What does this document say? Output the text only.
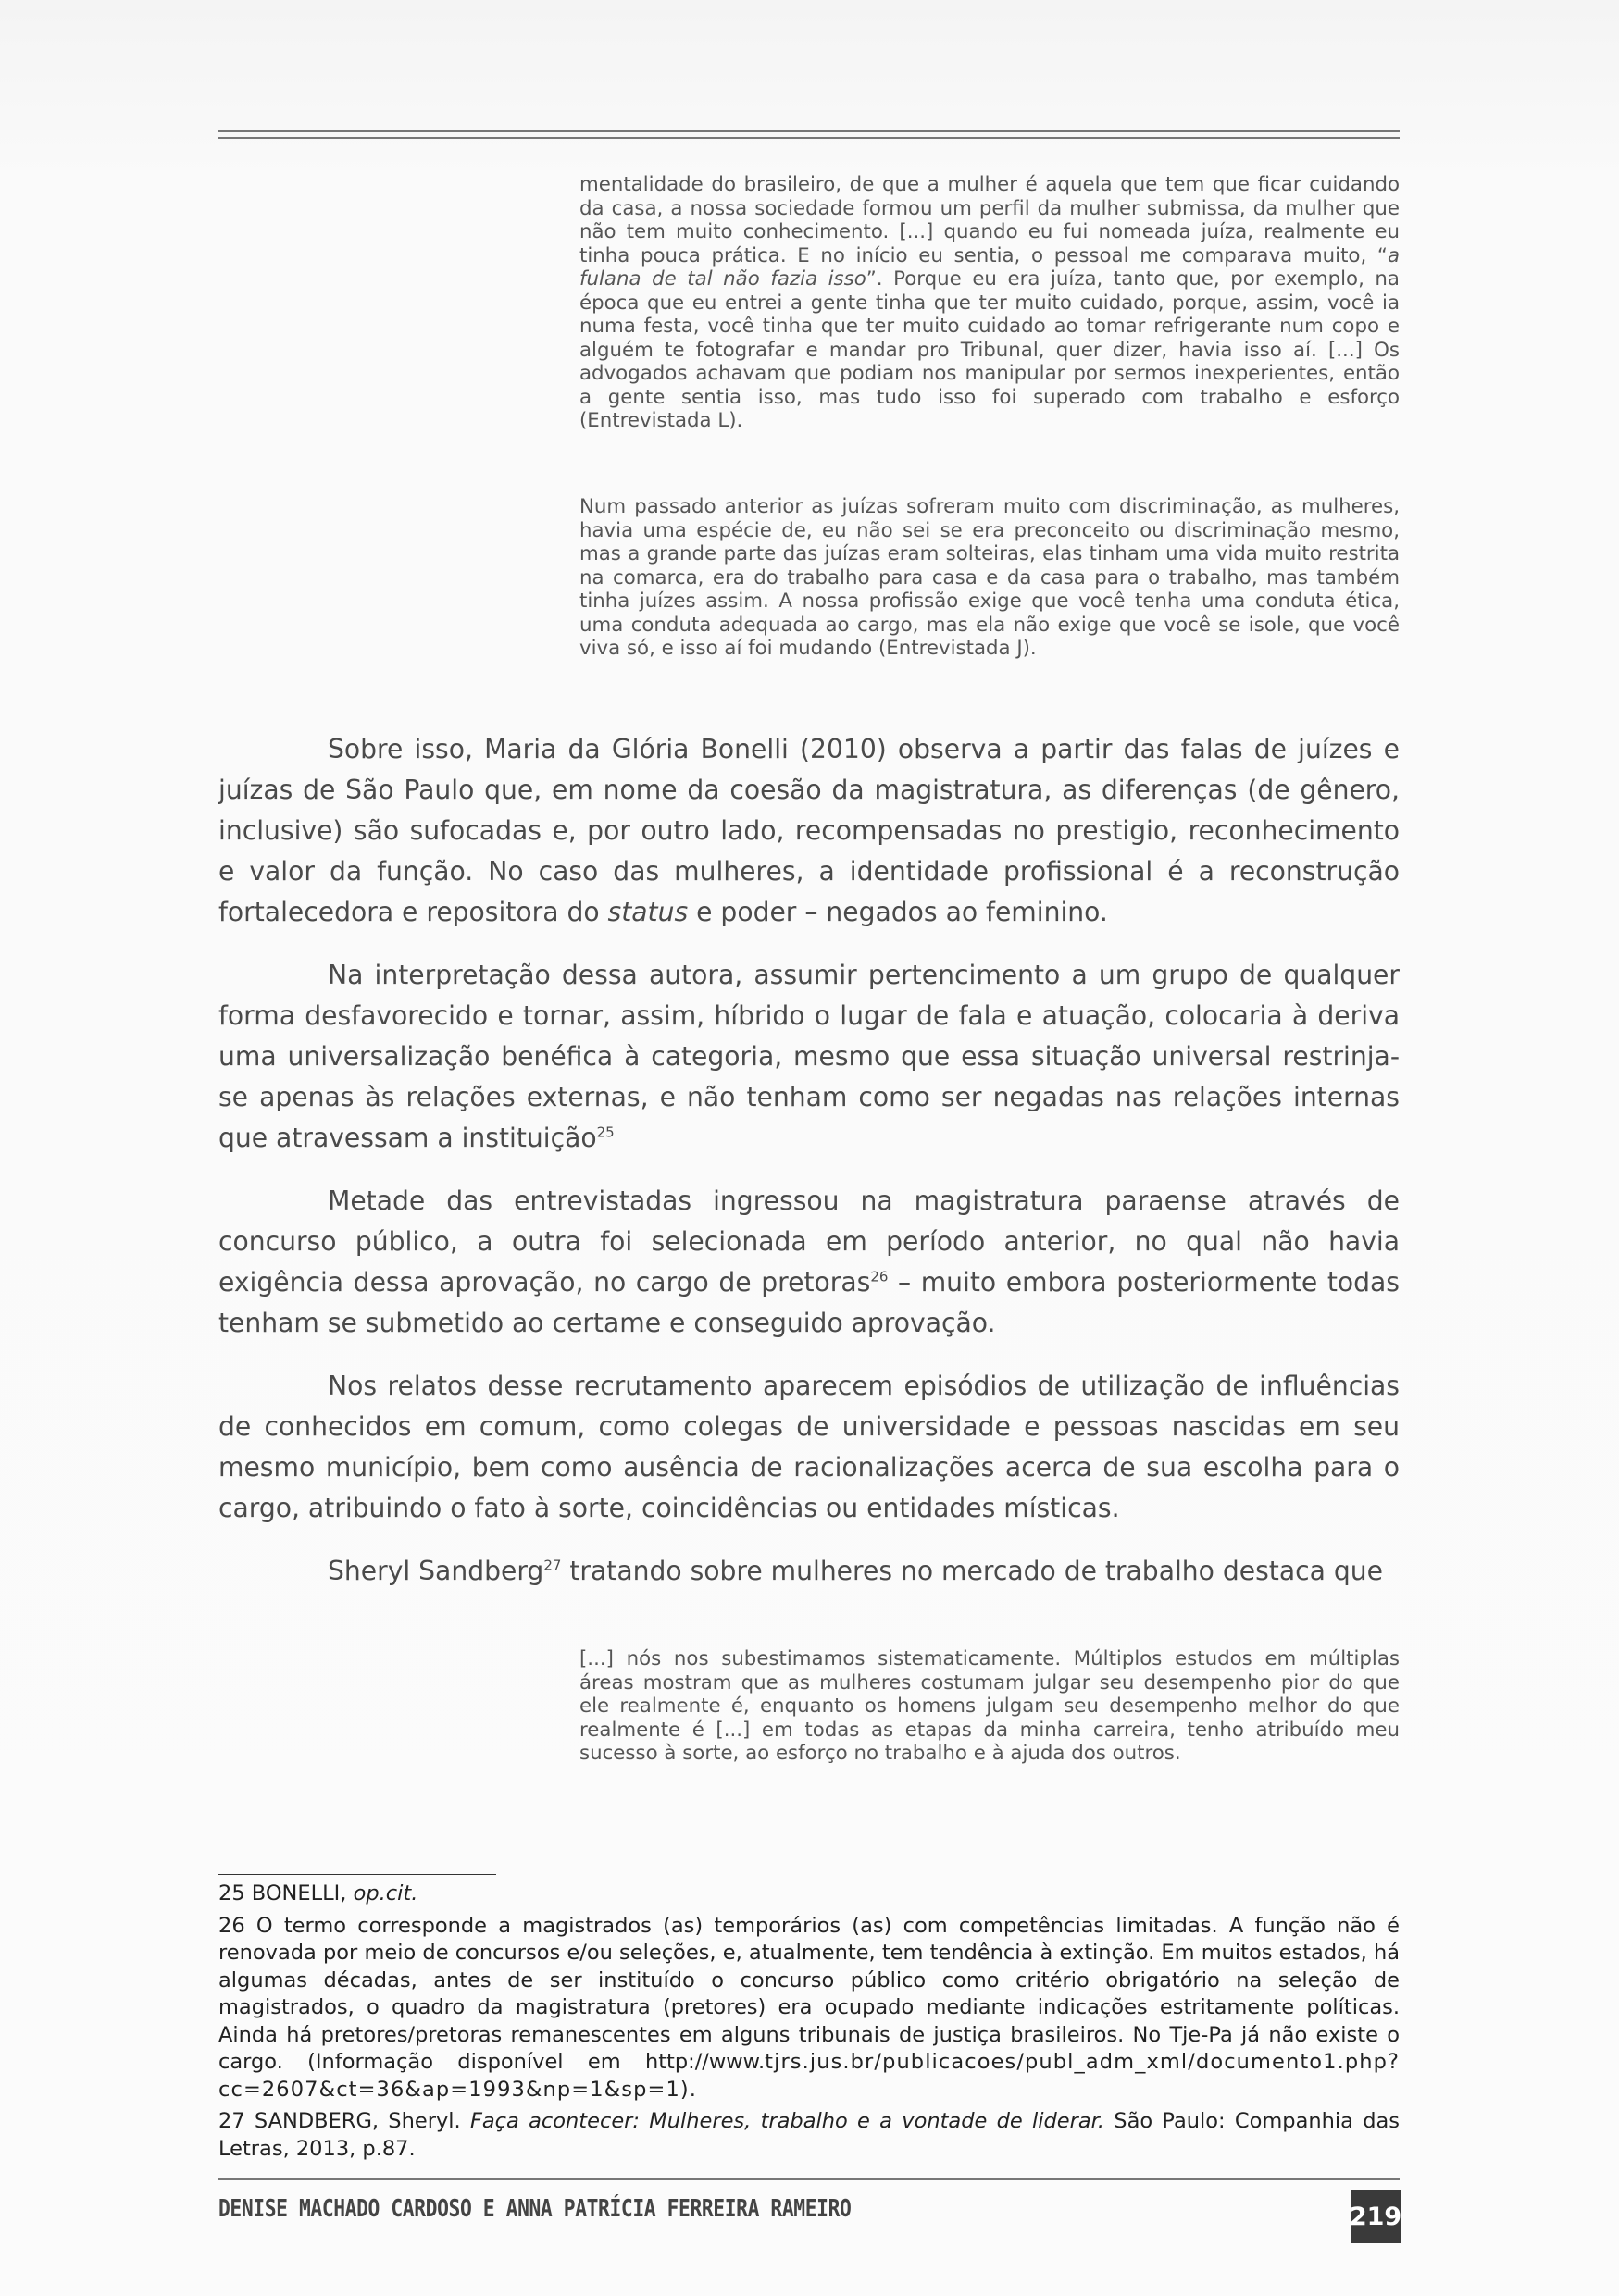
mentalidade do brasileiro, de que a mulher é aquela que tem que ficar cuidando da casa, a nossa sociedade formou um perfil da mulher submissa, da mulher que não tem muito conhecimento. [...] quando eu fui nomeada juíza, realmente eu tinha pouca prática. E no início eu sentia, o pessoal me comparava muito, “a fulana de tal não fazia isso”. Porque eu era juíza, tanto que, por exemplo, na época que eu entrei a gente tinha que ter muito cuidado, porque, assim, você ia numa festa, você tinha que ter muito cuidado ao tomar refrigerante num copo e alguém te fotografar e mandar pro Tribunal, quer dizer, havia isso aí. [...] Os advogados achavam que podiam nos manipular por sermos inexperientes, então a gente sentia isso, mas tudo isso foi superado com trabalho e esforço (Entrevistada L).

Num passado anterior as juízas sofreram muito com discriminação, as mulheres, havia uma espécie de, eu não sei se era preconceito ou discriminação mesmo, mas a grande parte das juízas eram solteiras, elas tinham uma vida muito restrita na comarca, era do trabalho para casa e da casa para o trabalho, mas também tinha juízes assim. A nossa profissão exige que você tenha uma conduta ética, uma conduta adequada ao cargo, mas ela não exige que você se isole, que você viva só, e isso aí foi mudando (Entrevistada J).

Sobre isso, Maria da Glória Bonelli (2010) observa a partir das falas de juízes e juízas de São Paulo que, em nome da coesão da magistratura, as diferenças (de gênero, inclusive) são sufocadas e, por outro lado, recompensadas no prestigio, reconhecimento e valor da função. No caso das mulheres, a identidade profissional é a reconstrução fortalecedora e repositora do status e poder – negados ao feminino.

Na interpretação dessa autora, assumir pertencimento a um grupo de qualquer forma desfavorecido e tornar, assim, híbrido o lugar de fala e atuação, colocaria à deriva uma universalização benéfica à categoria, mesmo que essa situação universal restrinja-se apenas às relações externas, e não tenham como ser negadas nas relações internas que atravessam a instituição$^{25}$

Metade das entrevistadas ingressou na magistratura paraense através de concurso público, a outra foi selecionada em período anterior, no qual não havia exigência dessa aprovação, no cargo de pretoras$^{26}$ – muito embora posteriormente todas tenham se submetido ao certame e conseguido aprovação.

Nos relatos desse recrutamento aparecem episódios de utilização de influências de conhecidos em comum, como colegas de universidade e pessoas nascidas em seu mesmo município, bem como ausência de racionalizações acerca de sua escolha para o cargo, atribuindo o fato à sorte, coincidências ou entidades místicas.

Sheryl Sandberg$^{27}$ tratando sobre mulheres no mercado de trabalho destaca que

[...] nós nos subestimamos sistematicamente. Múltiplos estudos em múltiplas áreas mostram que as mulheres costumam julgar seu desempenho pior do que ele realmente é, enquanto os homens julgam seu desempenho melhor do que realmente é [...] em todas as etapas da minha carreira, tenho atribuído meu sucesso à sorte, ao esforço no trabalho e à ajuda dos outros.

25 BONELLI, op.cit.

26 O termo corresponde a magistrados (as) temporários (as) com competências limitadas. A função não é renovada por meio de concursos e/ou seleções, e, atualmente, tem tendência à extinção. Em muitos estados, há algumas décadas, antes de ser instituído o concurso público como critério obrigatório na seleção de magistrados, o quadro da magistratura (pretores) era ocupado mediante indicações estritamente políticas. Ainda há pretores/pretoras remanescentes em alguns tribunais de justiça brasileiros. No Tje-Pa já não existe o cargo. (Informação disponível em http://www.tjrs.jus.br/publicacoes/publ_adm_xml/documento1.php?cc=2607&ct=36&ap=1993&np=1&sp=1).

27 SANDBERG, Sheryl. Faça acontecer: Mulheres, trabalho e a vontade de liderar. São Paulo: Companhia das Letras, 2013, p.87.

DENISE MACHADO CARDOSO E ANNA PATRÍCIA FERREIRA RAMEIRO	219
